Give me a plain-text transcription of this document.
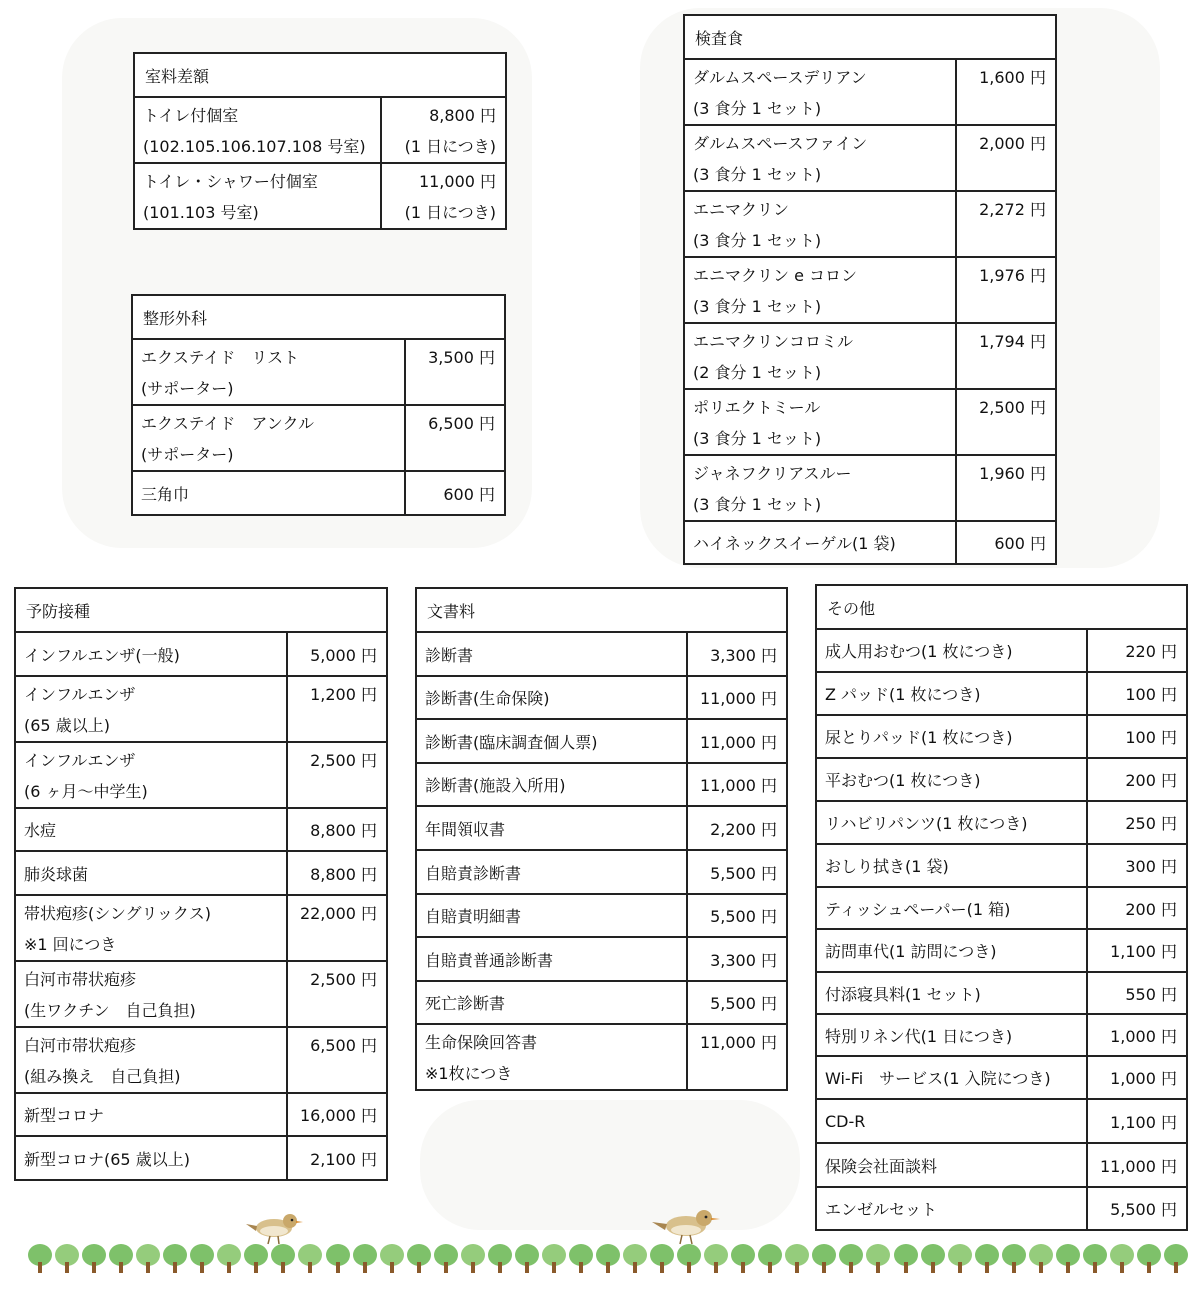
室料差額	
トイレ付個室
(102.105.106.107.108 号室)	8,800 円
(1 日につき)

トイレ・シャワー付個室
(101.103 号室)	11,000 円
(1 日につき)
整形外科	
エクステイド　リスト
(サポーター)	3,500 円
エクステイド　アンクル
(サポーター)	6,500 円
三角巾	600 円
検査食	
ダルムスペースデリアン
(3 食分 1 セット)	1,600 円
ダルムスペースファイン
(3 食分 1 セット)	2,000 円
エニマクリン
(3 食分 1 セット)	2,272 円
エニマクリン e コロン
(3 食分 1 セット)	1,976 円
エニマクリンコロミル
(2 食分 1 セット)	1,794 円
ポリエクトミール
(3 食分 1 セット)	2,500 円
ジャネフクリアスルー
(3 食分 1 セット)	1,960 円
ハイネックスイーゲル(1 袋)	600 円
予防接種	
インフルエンザ(一般)	5,000 円
インフルエンザ
(65 歳以上)	1,200 円
インフルエンザ
(6 ヶ月～中学生)	2,500 円
水痘	8,800 円
肺炎球菌	8,800 円
帯状疱疹(シングリックス)
※1 回につき	22,000 円
白河市帯状疱疹
(生ワクチン　自己負担)	2,500 円
白河市帯状疱疹
(組み換え　自己負担)	6,500 円
新型コロナ	16,000 円
新型コロナ(65 歳以上)	2,100 円
文書料	
診断書	3,300 円
診断書(生命保険)	11,000 円
診断書(臨床調査個人票)	11,000 円
診断書(施設入所用)	11,000 円
年間領収書	2,200 円
自賠責診断書	5,500 円
自賠責明細書	5,500 円
自賠責普通診断書	3,300 円
死亡診断書	5,500 円
生命保険回答書
※1枚につき	11,000 円
その他	
成人用おむつ(1 枚につき)	220 円
Z パッド(1 枚につき)	100 円
尿とりパッド(1 枚につき)	100 円
平おむつ(1 枚につき)	200 円
リハビリパンツ(1 枚につき)	250 円
おしり拭き(1 袋)	300 円
ティッシュペーパー(1 箱)	200 円
訪問車代(1 訪問につき)	1,100 円
付添寝具料(1 セット)	550 円
特別リネン代(1 日につき)	1,000 円
Wi-Fi　サービス(1 入院につき)	1,000 円
CD-R	1,100 円
保険会社面談料	11,000 円
エンゼルセット	5,500 円
